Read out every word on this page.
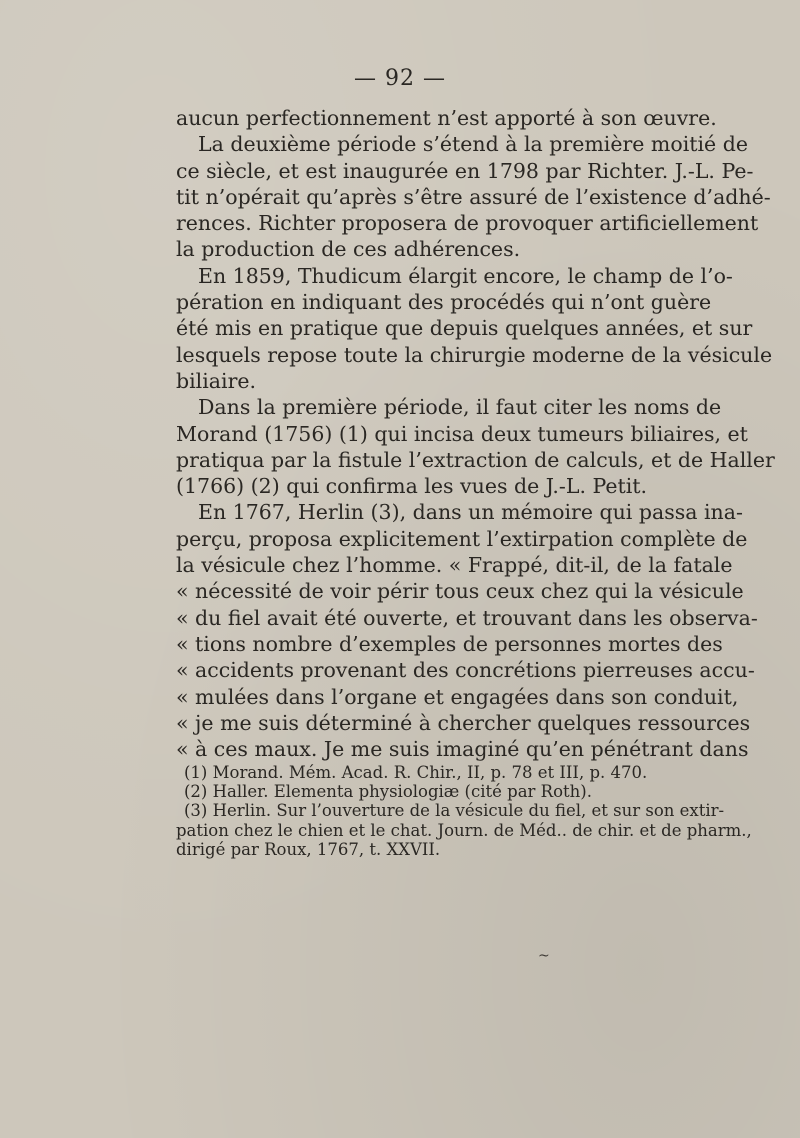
— 92 —
aucun perfectionnement n’est apporté à son œuvre.
La deuxième période s’étend à la première moitié de
ce siècle, et est inaugurée en 1798 par Richter. J.-L. Pe-
tit n’opérait qu’après s’être assuré de l’existence d’adhé-
rences. Richter proposera de provoquer artificiellement
la production de ces adhérences.
En 1859, Thudicum élargit encore, le champ de l’o-
pération en indiquant des procédés qui n’ont guère
été mis en pratique que depuis quelques années, et sur
lesquels repose toute la chirurgie moderne de la vésicule
biliaire.
Dans la première période, il faut citer les noms de
Morand (1756) (1) qui incisa deux tumeurs biliaires, et
pratiqua par la fistule l’extraction de calculs, et de Haller
(1766) (2) qui confirma les vues de J.-L. Petit.
En 1767, Herlin (3), dans un mémoire qui passa ina-
perçu, proposa explicitement l’extirpation complète de
la vésicule chez l’homme. « Frappé, dit-il, de la fatale
« nécessité de voir périr tous ceux chez qui la vésicule
« du fiel avait été ouverte, et trouvant dans les observa-
« tions nombre d’exemples de personnes mortes des
« accidents provenant des concrétions pierreuses accu-
« mulées dans l’organe et engagées dans son conduit,
« je me suis déterminé à chercher quelques ressources
« à ces maux. Je me suis imaginé qu’en pénétrant dans
(1) Morand. Mém. Acad. R. Chir., II, p. 78 et III, p. 470.
(2) Haller. Elementa physiologiæ (cité par Roth).
(3) Herlin. Sur l’ouverture de la vésicule du fiel, et sur son extir-
pation chez le chien et le chat. Journ. de Méd.. de chir. et de pharm.,
dirigé par Roux, 1767, t. XXVII.
~
